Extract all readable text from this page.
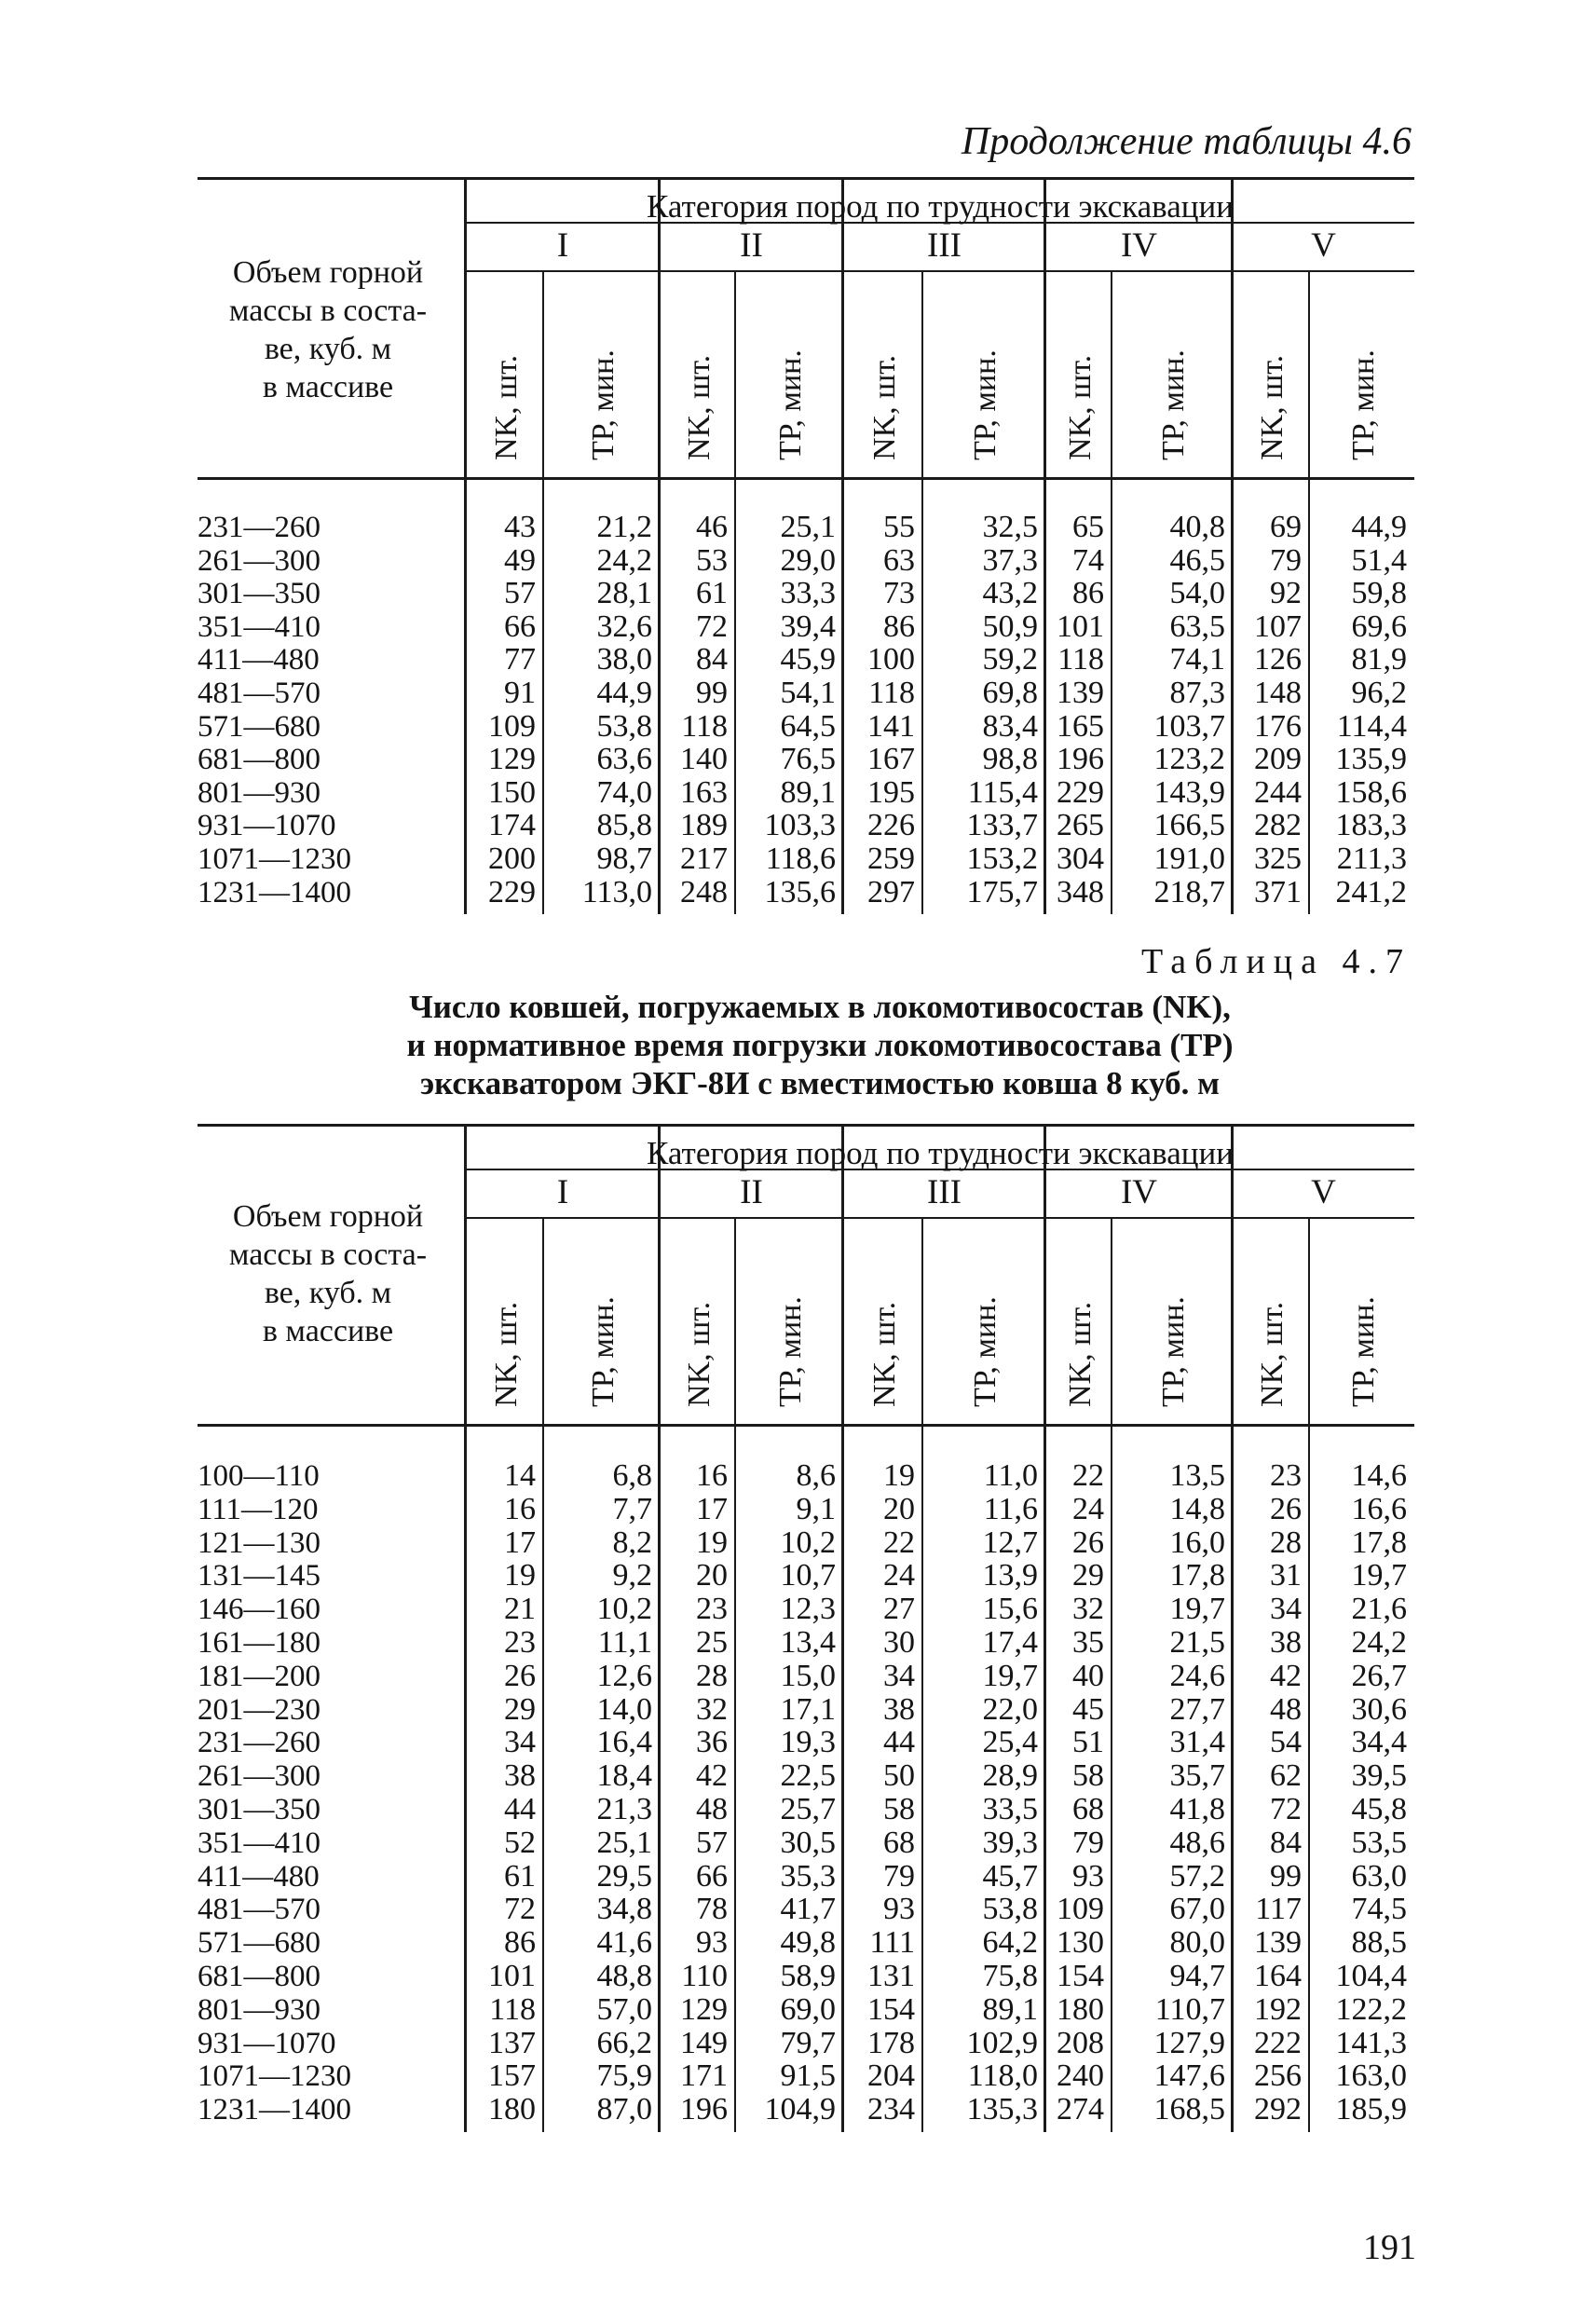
Продолжение таблицы 4.6
Объем горной
массы в соста-
ве, куб. м
в массиве
Категория пород по трудности экскавации
I	II	III	IV	V
NK, шт. ТР, мин. NK, шт. ТР, мин. NK, шт. ТР, мин. NK, шт. ТР, мин. NK, шт. ТР, мин.
231—260	43	21,2	46	25,1	55	32,5	65	40,8	69	44,9
261—300	49	24,2	53	29,0	63	37,3	74	46,5	79	51,4
301—350	57	28,1	61	33,3	73	43,2	86	54,0	92	59,8
351—410	66	32,6	72	39,4	86	50,9 101	63,5 107	69,6
411—480	77	38,0	84	45,9	100	59,2 118	74,1 126	81,9
481—570	91	44,9	99	54,1	118	69,8 139	87,3 148	96,2
571—680	109	53,8 118	64,5	141	83,4 165	103,7 176	114,4
681—800	129	63,6 140	76,5	167	98,8 196	123,2 209	135,9
801—930	150	74,0 163	89,1	195	115,4 229	143,9 244	158,6
931—1070	174	85,8 189	103,3	226	133,7 265	166,5 282	183,3
1071—1230	200	98,7 217	118,6	259	153,2 304	191,0 325	211,3
1231—1400	229	113,0 248	135,6	297	175,7 348	218,7 371	241,2
Таблица 4.7
Число ковшей, погружаемых в локомотивосостав (NK),
и нормативное время погрузки локомотивосостава (ТР)
экскаватором ЭКГ-8И с вместимостью ковша 8 куб. м
Объем горной
массы в соста-
ве, куб. м
в массиве
Категория пород по трудности экскавации
I	II	III	IV	V
NK, шт. ТР, мин. NK, шт. ТР, мин. NK, шт. ТР, мин. NK, шт. ТР, мин. NK, шт. ТР, мин.
100—110	14	6,8	16	8,6	19	11,0	22	13,5	23	14,6
111—120	16	7,7	17	9,1	20	11,6	24	14,8	26	16,6
121—130	17	8,2	19	10,2	22	12,7	26	16,0	28	17,8
131—145	19	9,2	20	10,7	24	13,9	29	17,8	31	19,7
146—160	21	10,2	23	12,3	27	15,6	32	19,7	34	21,6
161—180	23	11,1	25	13,4	30	17,4	35	21,5	38	24,2
181—200	26	12,6	28	15,0	34	19,7	40	24,6	42	26,7
201—230	29	14,0	32	17,1	38	22,0	45	27,7	48	30,6
231—260	34	16,4	36	19,3	44	25,4	51	31,4	54	34,4
261—300	38	18,4	42	22,5	50	28,9	58	35,7	62	39,5
301—350	44	21,3	48	25,7	58	33,5	68	41,8	72	45,8
351—410	52	25,1	57	30,5	68	39,3	79	48,6	84	53,5
411—480	61	29,5	66	35,3	79	45,7	93	57,2	99	63,0
481—570	72	34,8	78	41,7	93	53,8 109	67,0 117	74,5
571—680	86	41,6	93	49,8	111	64,2 130	80,0 139	88,5
681—800	101	48,8 110	58,9	131	75,8 154	94,7 164	104,4
801—930	118	57,0 129	69,0	154	89,1 180	110,7 192	122,2
931—1070	137	66,2 149	79,7	178	102,9 208	127,9 222	141,3
1071—1230	157	75,9 171	91,5	204	118,0 240	147,6 256	163,0
1231—1400	180	87,0 196	104,9	234	135,3 274	168,5 292	185,9
191
